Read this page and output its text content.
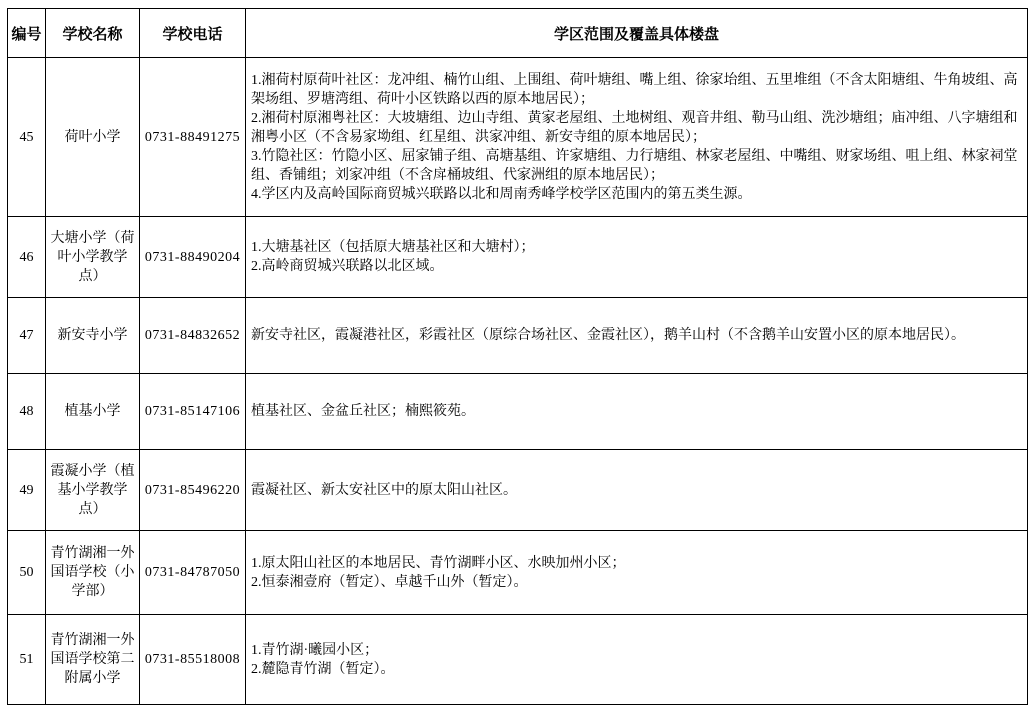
编号	学校名称	学校电话	学区范围及覆盖具体楼盘
45	荷叶小学	0731-88491275	1.湘荷村原荷叶社区：龙冲组、楠竹山组、上围组、荷叶塘组、嘴上组、徐家坮组、五里堆组（不含太阳塘组、牛角坡组、高架场组、罗塘湾组、荷叶小区铁路以西的原本地居民）；
2.湘荷村原湘粤社区：大坡塘组、边山寺组、黄家老屋组、土地树组、观音井组、勒马山组、洗沙塘组；庙冲组、八字塘组和湘粤小区（不含易家坳组、红星组、洪家冲组、新安寺组的原本地居民）；
3.竹隐社区：竹隐小区、屈家铺子组、高塘基组、许家塘组、力行塘组、林家老屋组、中嘴组、财家场组、咀上组、林家祠堂组、香铺组；刘家冲组（不含戽桶坡组、代家洲组的原本地居民）；
4.学区内及高岭国际商贸城兴联路以北和周南秀峰学校学区范围内的第五类生源。

46	大塘小学（荷叶小学教学点）	0731-88490204	1.大塘基社区（包括原大塘基社区和大塘村）；
2.高岭商贸城兴联路以北区域。

47	新安寺小学	0731-84832652	新安寺社区，霞凝港社区，彩霞社区（原综合场社区、金霞社区），鹅羊山村（不含鹅羊山安置小区的原本地居民）。

48	植基小学	0731-85147106	植基社区、金盆丘社区；楠熙筱苑。

49	霞凝小学（植基小学教学点）	0731-85496220	霞凝社区、新太安社区中的原太阳山社区。

50	青竹湖湘一外国语学校（小学部）	0731-84787050	1.原太阳山社区的本地居民、青竹湖畔小区、水映加州小区；
2.恒泰湘壹府（暂定）、卓越千山外（暂定）。

51	青竹湖湘一外国语学校第二附属小学	0731-85518008	1.青竹湖·曦园小区；
2.麓隐青竹湖（暂定）。
